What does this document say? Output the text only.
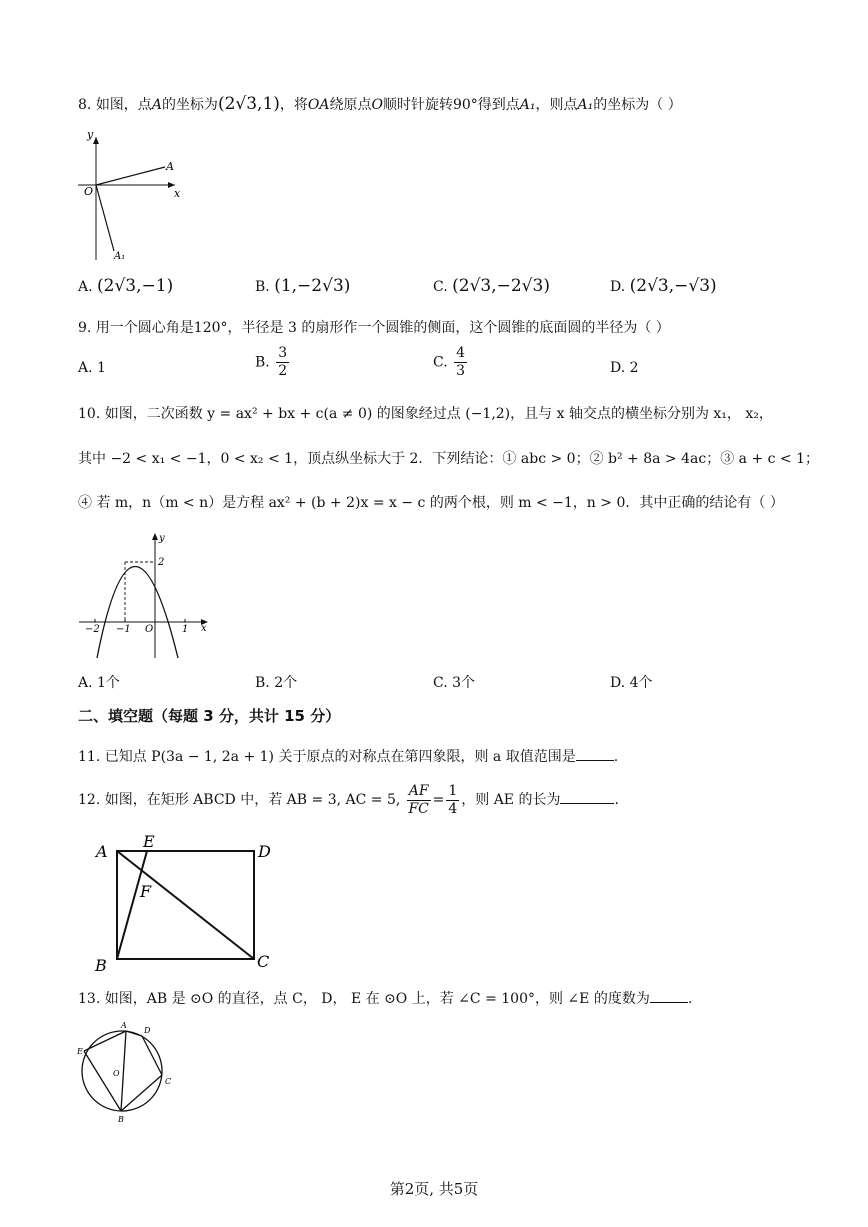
8. 如图，点A的坐标为(2√3,1)，将OA绕原点O顺时针旋转90°得到点A₁，则点A₁的坐标为（ ）
y
x
O
A
A₁
A. (2√3,−1)	B. (1,−2√3)	C. (2√3,−2√3)	D. (2√3,−√3)
9. 用一个圆心角是120°，半径是 3 的扇形作一个圆锥的侧面，这个圆锥的底面圆的半径为（ ）
A. 1	B. $\frac{3}{2}$	C. $\frac{4}{3}$	D. 2
10. 如图，二次函数 y = ax² + bx + c(a ≠ 0) 的图象经过点 (−1,2)，且与 x 轴交点的横坐标分别为 x₁， x₂，
其中 −2 < x₁ < −1，0 < x₂ < 1，顶点纵坐标大于 2．下列结论：① abc > 0；② b² + 8a > 4ac；③ a + c < 1；
④ 若 m，n（m < n）是方程 ax² + (b + 2)x = x − c 的两个根，则 m < −1，n > 0．其中正确的结论有（ ）
y
x
2
−2 −1 O	1
A. 1个	B. 2个	C. 3个	D. 4个
二、填空题（每题 3 分，共计 15 分）
11. 已知点 P(3a − 1, 2a + 1) 关于原点的对称点在第四象限，则 a 取值范围是	.
12. 如图，在矩形 ABCD 中，若 AB = 3, AC = 5, $\frac{AF}{FC} = \frac{1}{4}$ ，则 AE 的长为	.
A
E
D
F
B	C
13. 如图，AB 是 ⊙O 的直径，点 C， D， E 在 ⊙O 上，若 ∠C = 100°，则 ∠E 的度数为	.
A
D
E
O
C
B
第2页, 共5页
